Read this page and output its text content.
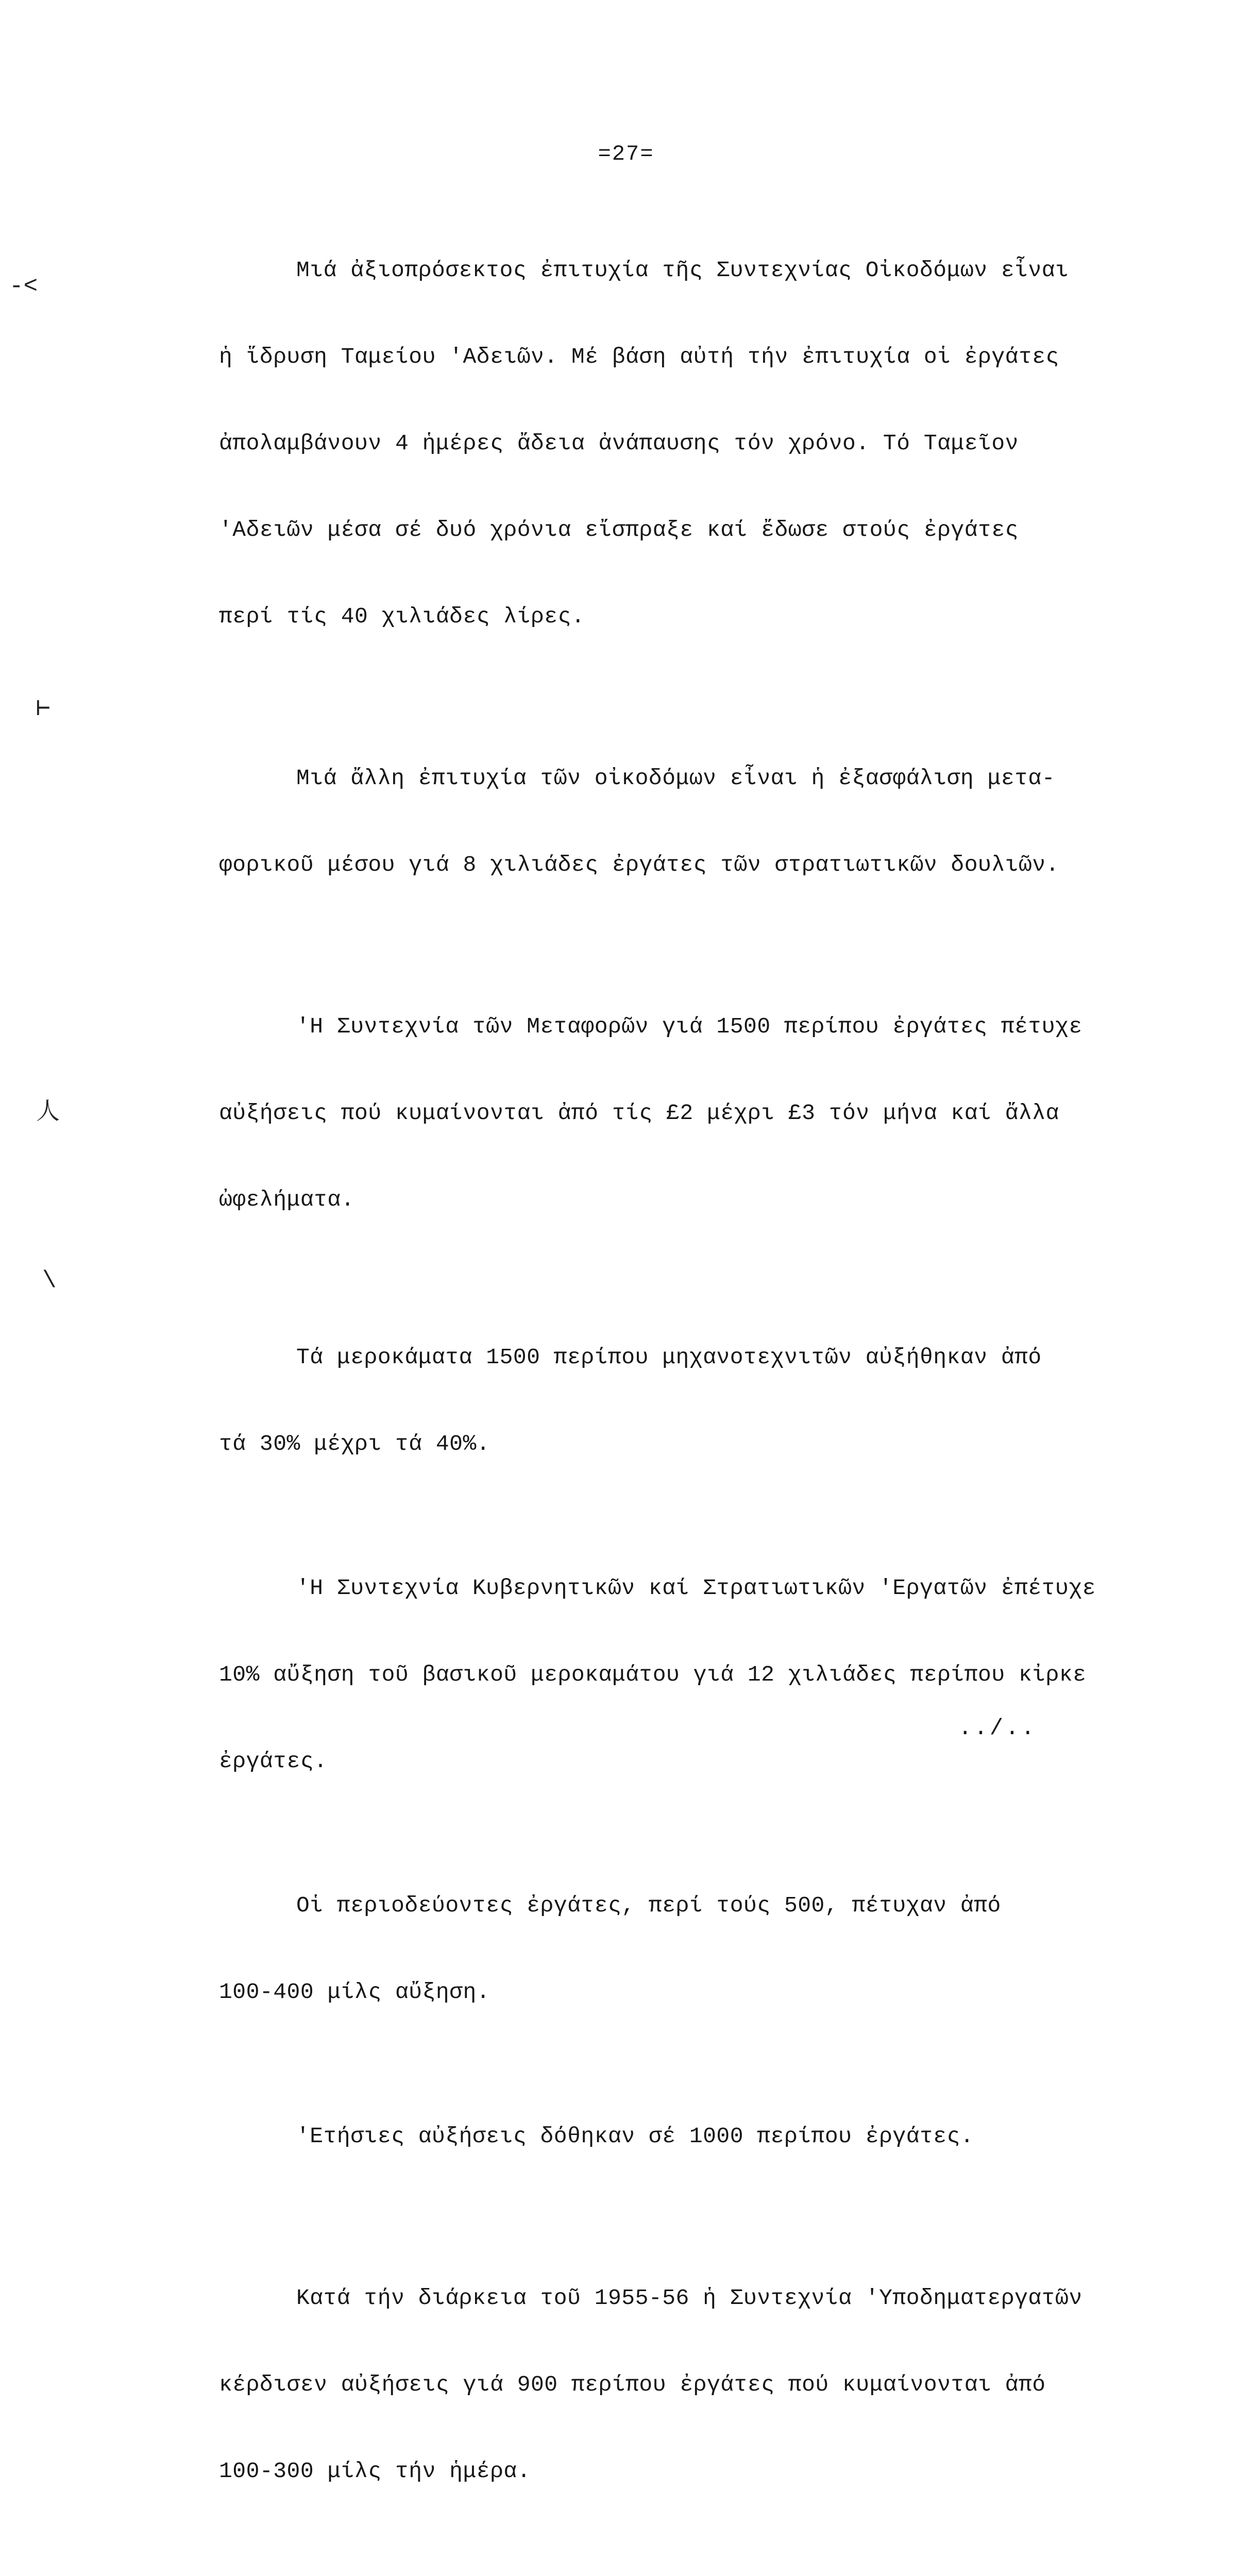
=27=
-<
⊢
人
\

Μιά ἀξιοπρόσεκτος ἐπιτυχία τῆς Συντεχνίας Οἰκοδόμων εἶναι

ἡ ἵδρυση Ταμείου 'Αδειῶν. Μέ βάση αὐτή τήν ἐπιτυχία οἱ ἐργάτες

ἀπολαμβάνουν 4 ἡμέρες ἄδεια ἀνάπαυσης τόν χρόνο. Τό Ταμεῖον

'Αδειῶν μέσα σέ δυό χρόνια εἴσπραξε καί ἔδωσε στούς ἐργάτες

περί τίς 40 χιλιάδες λίρες.

Μιά ἄλλη ἐπιτυχία τῶν οἰκοδόμων εἶναι ἡ ἐξασφάλιση μετα-

φορικοῦ μέσου γιά 8 χιλιάδες ἐργάτες τῶν στρατιωτικῶν δουλιῶν.

'Η Συντεχνία τῶν Μεταφορῶν γιά 1500 περίπου ἐργάτες πέτυχε

αὐξήσεις πού κυμαίνονται ἀπό τίς £2 μέχρι £3 τόν μήνα καί ἄλλα

ὠφελήματα.

Τά μεροκάματα 1500 περίπου μηχανοτεχνιτῶν αὐξήθηκαν ἀπό

τά 30% μέχρι τά 40%.

'Η Συντεχνία Κυβερνητικῶν καί Στρατιωτικῶν 'Εργατῶν ἐπέτυχε

10% αὔξηση τοῦ βασικοῦ μεροκαμάτου γιά 12 χιλιάδες περίπου κἰρκε

ἐργάτες.

Οἱ περιοδεύοντες ἐργάτες, περί τούς 500, πέτυχαν ἀπό

100-400 μίλς αὔξηση.

'Ετήσιες αὐξήσεις δόθηκαν σέ 1000 περίπου ἐργάτες.

Κατά τήν διάρκεια τοῦ 1955-56 ἡ Συντεχνία 'Υποδηματεργατῶν

κέρδισεν αὐξήσεις γιά 900 περίπου ἐργάτες πού κυμαίνονται ἀπό

100-300 μίλς τήν ἡμέρα.

../..
